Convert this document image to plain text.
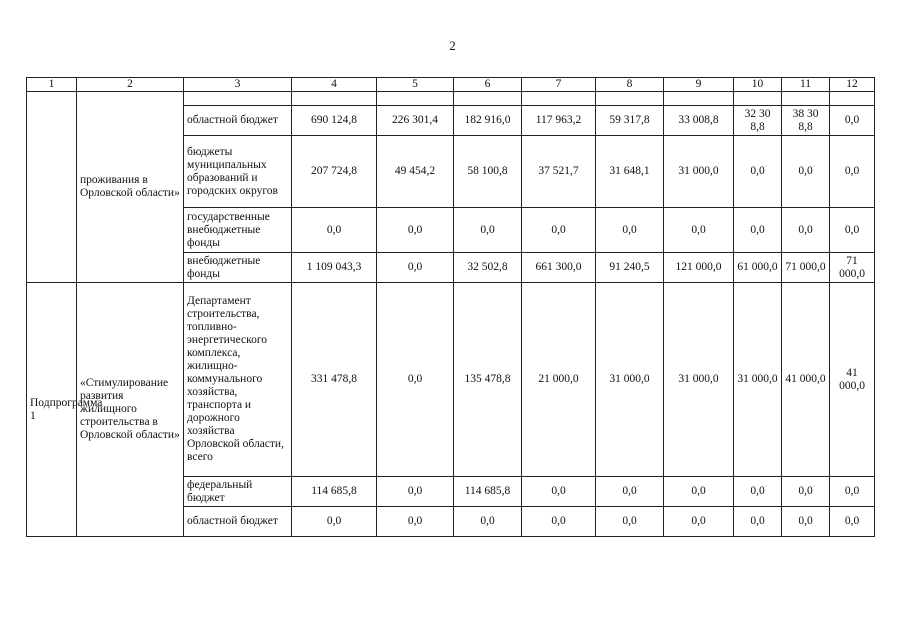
2
1	2	3	4	5	6	7	8	9	10	11	12
	проживания в Орловской области»										
		областной бюджет	690 124,8	226 301,4	182 916,0	117 963,2	59 317,8	33 008,8	32 30 8,8	38 30 8,8	0,0
		бюджеты муниципальных образований и городских округов	207 724,8	49 454,2	58 100,8	37 521,7	31 648,1	31 000,0	0,0	0,0	0,0
		государственные внебюджетные фонды	0,0	0,0	0,0	0,0	0,0	0,0	0,0	0,0	0,0
		внебюджетные фонды	1 109 043,3	0,0	32 502,8	661 300,0	91 240,5	121 000,0	61 000,0	71 000,0	71 000,0
Подпрограмма 1	«Стимулирование развития жилищного строительства в Орловской области»	Департамент строительства, топливно-энергетического комплекса, жилищно-коммунального хозяйства, транспорта и дорожного хозяйства Орловской области, всего	331 478,8	0,0	135 478,8	21 000,0	31 000,0	31 000,0	31 000,0	41 000,0	41 000,0
		федеральный бюджет	114 685,8	0,0	114 685,8	0,0	0,0	0,0	0,0	0,0	0,0
		областной бюджет	0,0	0,0	0,0	0,0	0,0	0,0	0,0	0,0	0,0
